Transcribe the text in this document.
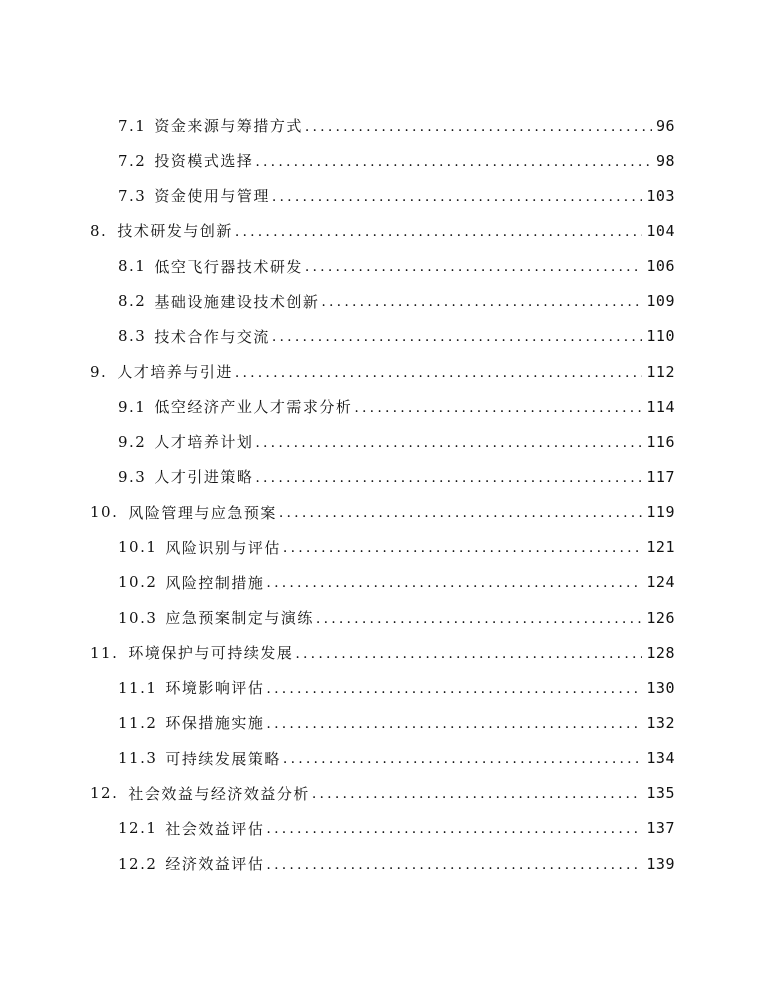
7.1 资金来源与筹措方式 .....	96
7.2 投资模式选择 .....	98
7.3 资金使用与管理 .....	103
8. 技术研发与创新 .....	104
8.1 低空飞行器技术研发 .....	106
8.2 基础设施建设技术创新 .....	109
8.3 技术合作与交流 .....	110
9. 人才培养与引进 .....	112
9.1 低空经济产业人才需求分析 .....	114
9.2 人才培养计划 .....	116
9.3 人才引进策略 .....	117
10. 风险管理与应急预案 .....	119
10.1 风险识别与评估 .....	121
10.2 风险控制措施 .....	124
10.3 应急预案制定与演练 .....	126
11. 环境保护与可持续发展 .....	128
11.1 环境影响评估 .....	130
11.2 环保措施实施 .....	132
11.3 可持续发展策略 .....	134
12. 社会效益与经济效益分析 .....	135
12.1 社会效益评估 .....	137
12.2 经济效益评估 .....	139
